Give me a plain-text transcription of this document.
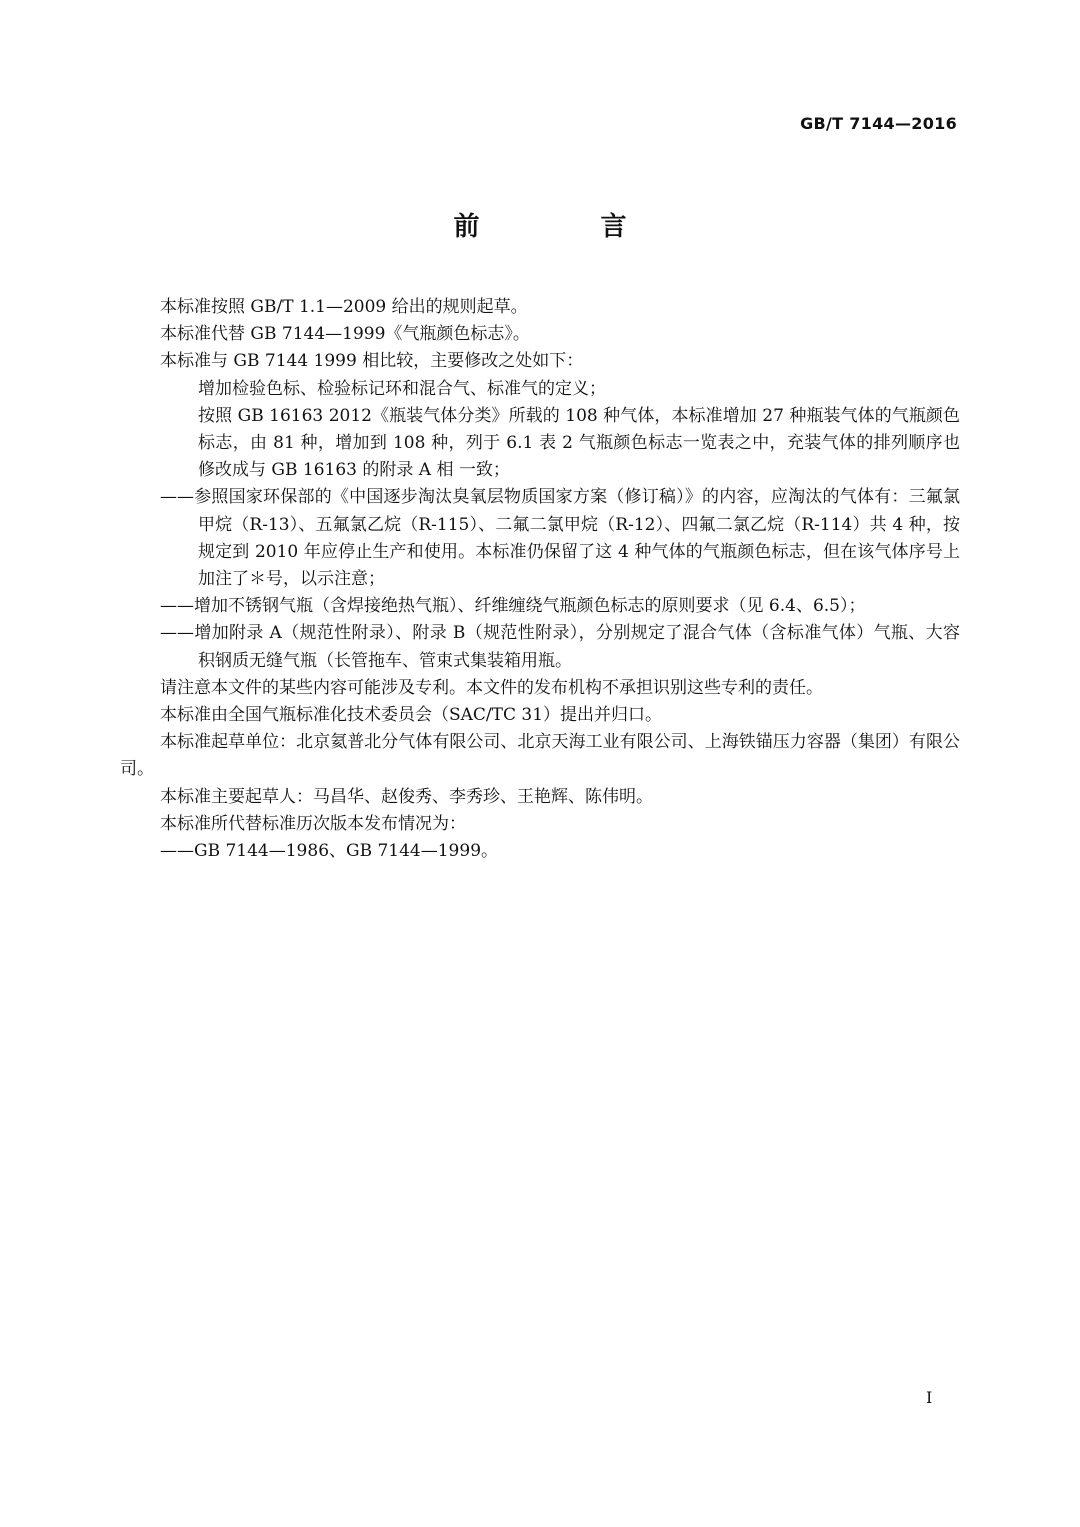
GB/T 7144—2016
前 言

本标准按照 GB/T 1.1—2009 给出的规则起草。

本标准代替 GB 7144—1999《气瓶颜色标志》。

本标准与 GB 7144 1999 相比较，主要修改之处如下：

增加检验色标、检验标记环和混合气、标准气的定义；

按照 GB 16163 2012《瓶装气体分类》所载的 108 种气体，本标准增加 27 种瓶装气体的气瓶颜色标志，由 81 种，增加到 108 种，列于 6.1 表 2 气瓶颜色标志一览表之中，充装气体的排列顺序也修改成与 GB 16163 的附录 A 相 一致；

——参照国家环保部的《中国逐步淘汰臭氧层物质国家方案（修订稿）》的内容，应淘汰的气体有：三氟氯甲烷（R-13）、五氟氯乙烷（R-115）、二氟二氯甲烷（R-12）、四氟二氯乙烷（R-114）共 4 种，按规定到 2010 年应停止生产和使用。本标准仍保留了这 4 种气体的气瓶颜色标志，但在该气体序号上加注了＊号，以示注意；

——增加不锈钢气瓶（含焊接绝热气瓶）、纤维缠绕气瓶颜色标志的原则要求（见 6.4、6.5）；

——增加附录 A（规范性附录）、附录 B（规范性附录），分别规定了混合气体（含标准气体）气瓶、大容积钢质无缝气瓶（长管拖车、管束式集装箱用瓶。

请注意本文件的某些内容可能涉及专利。本文件的发布机构不承担识别这些专利的责任。

本标准由全国气瓶标准化技术委员会（SAC/TC 31）提出并归口。

本标准起草单位：北京氦普北分气体有限公司、北京天海工业有限公司、上海铁锚压力容器（集团）有限公司。

本标准主要起草人：马昌华、赵俊秀、李秀珍、王艳辉、陈伟明。

本标准所代替标准历次版本发布情况为：

——GB 7144—1986、GB 7144—1999。

I
